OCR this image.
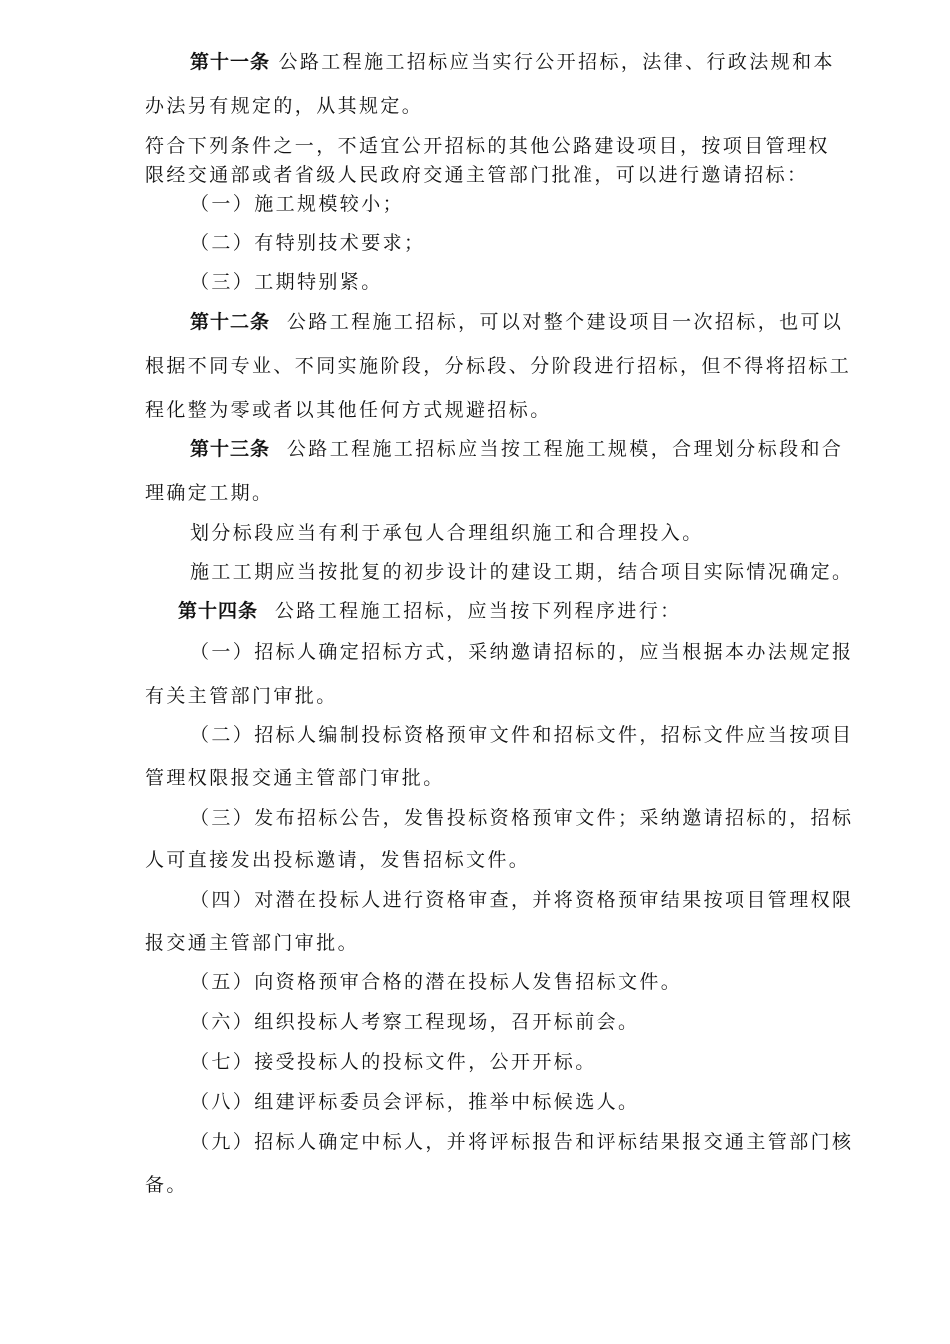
第十一条 公路工程施工招标应当实行公开招标，法律、行政法规和本
办法另有规定的，从其规定。
符合下列条件之一，不适宜公开招标的其他公路建设项目，按项目管理权
限经交通部或者省级人民政府交通主管部门批准，可以进行邀请招标：
（一）施工规模较小；
（二）有特别技术要求；
（三）工期特别紧。
第十二条 公路工程施工招标，可以对整个建设项目一次招标，也可以
根据不同专业、不同实施阶段，分标段、分阶段进行招标，但不得将招标工
程化整为零或者以其他任何方式规避招标。
第十三条 公路工程施工招标应当按工程施工规模，合理划分标段和合
理确定工期。
划分标段应当有利于承包人合理组织施工和合理投入。
施工工期应当按批复的初步设计的建设工期，结合项目实际情况确定。
第十四条 公路工程施工招标，应当按下列程序进行：
（一）招标人确定招标方式，采纳邀请招标的，应当根据本办法规定报
有关主管部门审批。
（二）招标人编制投标资格预审文件和招标文件，招标文件应当按项目
管理权限报交通主管部门审批。
（三）发布招标公告，发售投标资格预审文件；采纳邀请招标的，招标
人可直接发出投标邀请，发售招标文件。
（四）对潜在投标人进行资格审查，并将资格预审结果按项目管理权限
报交通主管部门审批。
（五）向资格预审合格的潜在投标人发售招标文件。
（六）组织投标人考察工程现场，召开标前会。
（七）接受投标人的投标文件，公开开标。
（八）组建评标委员会评标，推举中标候选人。
（九）招标人确定中标人，并将评标报告和评标结果报交通主管部门核
备。
